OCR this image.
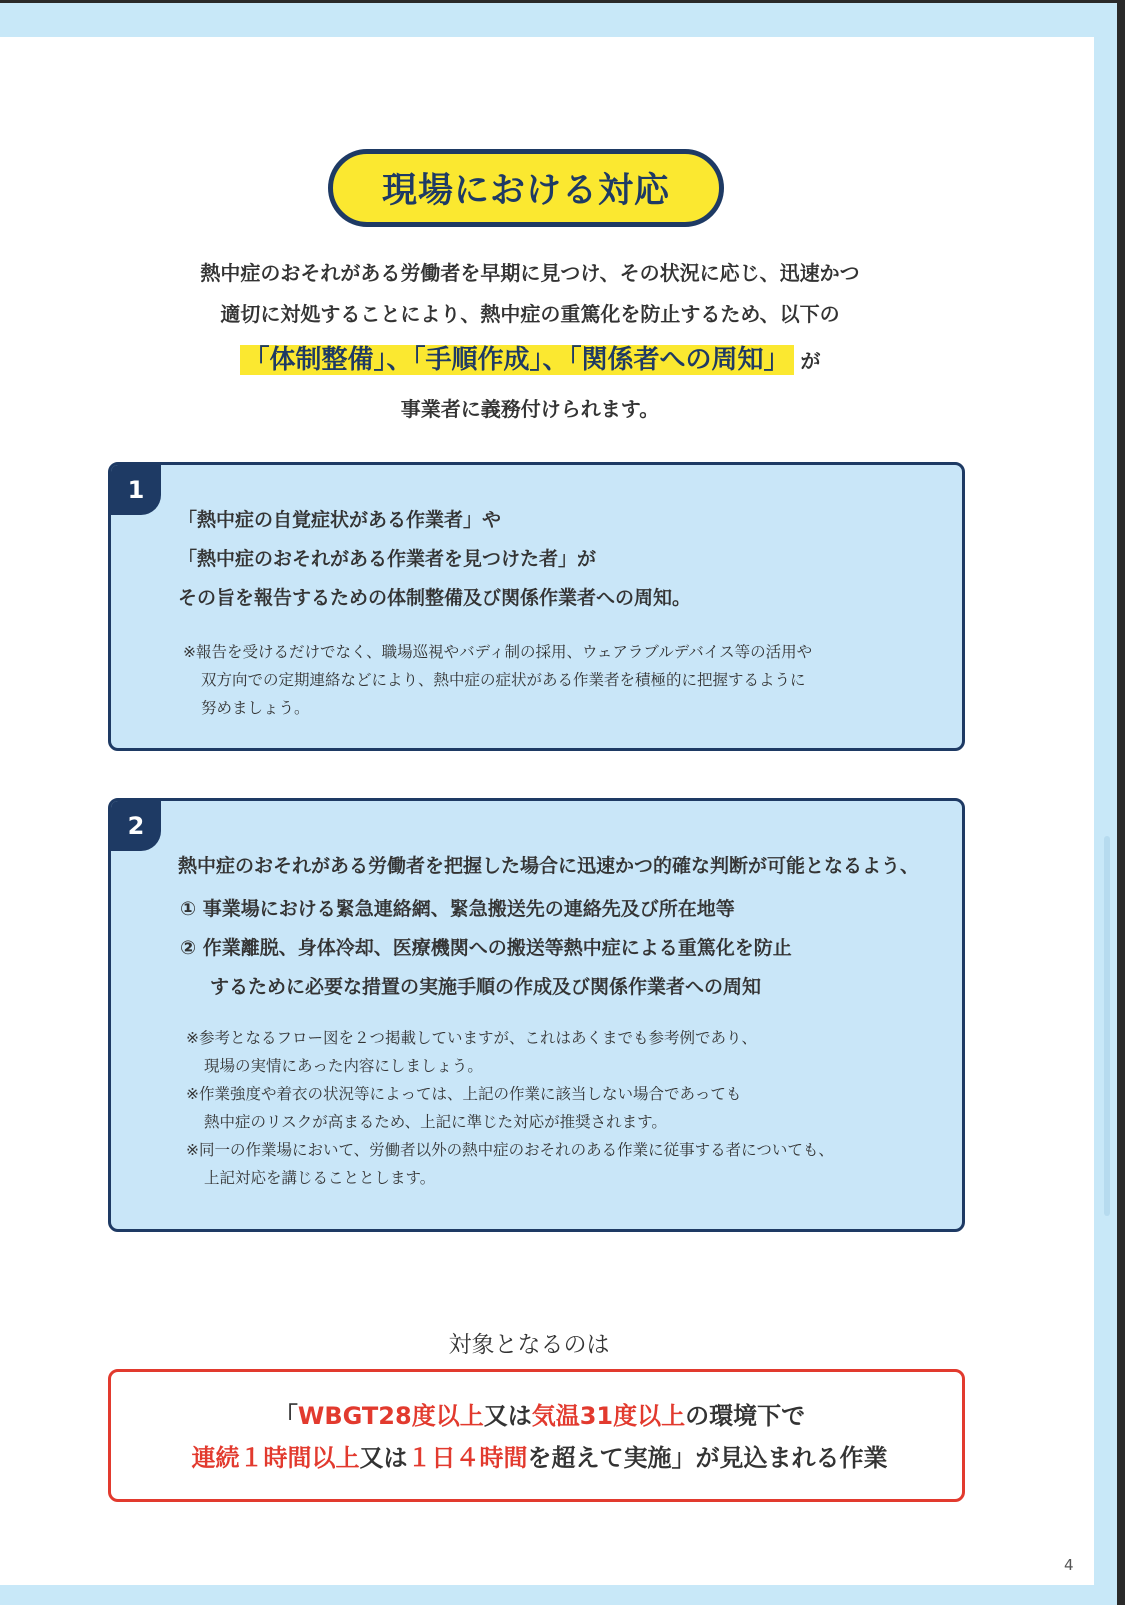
現場における対応
熱中症のおそれがある労働者を早期に見つけ、その状況に応じ、迅速かつ
適切に対処することにより、熱中症の重篤化を防止するため、以下の
「体制整備」、「手順作成」、「関係者への周知」 が
事業者に義務付けられます。
1
「熱中症の自覚症状がある作業者」や
「熱中症のおそれがある作業者を見つけた者」が
その旨を報告するための体制整備及び関係作業者への周知。
※報告を受けるだけでなく、職場巡視やバディ制の採用、ウェアラブルデバイス等の活用や
双方向での定期連絡などにより、熱中症の症状がある作業者を積極的に把握するように
努めましょう。
2
熱中症のおそれがある労働者を把握した場合に迅速かつ的確な判断が可能となるよう、
① 事業場における緊急連絡網、緊急搬送先の連絡先及び所在地等
② 作業離脱、身体冷却、医療機関への搬送等熱中症による重篤化を防止
するために必要な措置の実施手順の作成及び関係作業者への周知
※参考となるフロー図を２つ掲載していますが、これはあくまでも参考例であり、
現場の実情にあった内容にしましょう。
※作業強度や着衣の状況等によっては、上記の作業に該当しない場合であっても
熱中症のリスクが高まるため、上記に準じた対応が推奨されます。
※同一の作業場において、労働者以外の熱中症のおそれのある作業に従事する者についても、
上記対応を講じることとします。
対象となるのは
「WBGT28度以上又は気温31度以上の環境下で
連続１時間以上又は１日４時間を超えて実施」が見込まれる作業
4
